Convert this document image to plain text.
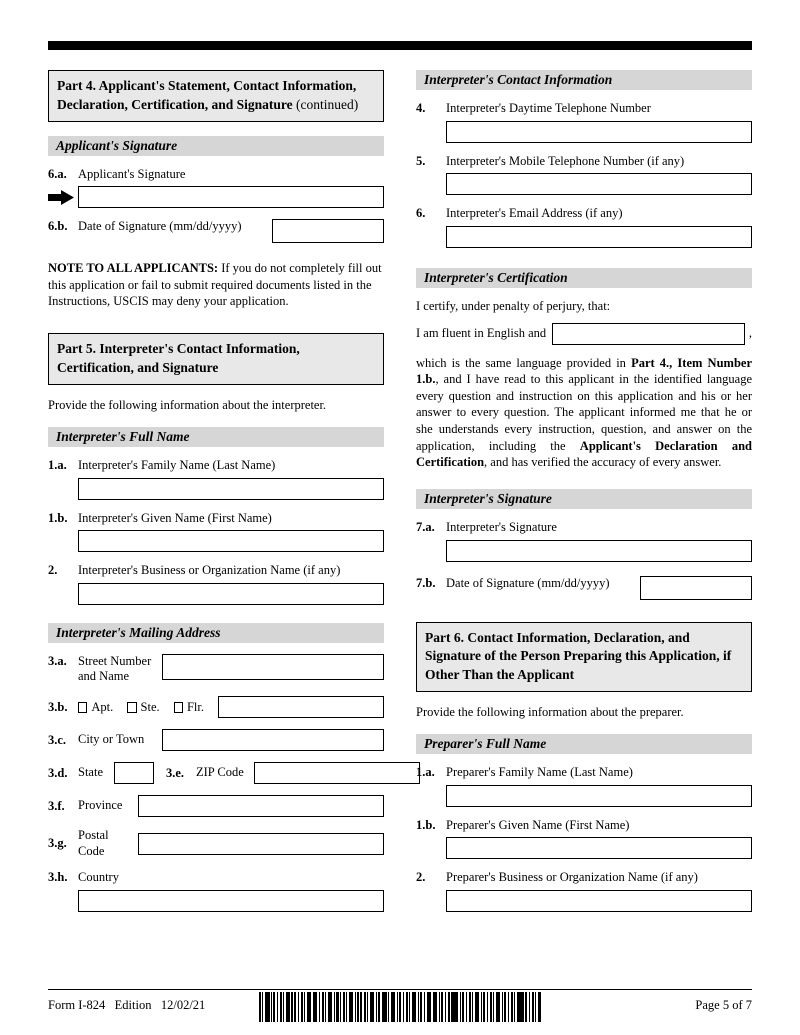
Part 4. Applicant's Statement, Contact Information, Declaration, Certification, and Signature (continued)
Applicant's Signature
6.a. Applicant's Signature
6.b. Date of Signature (mm/dd/yyyy)

NOTE TO ALL APPLICANTS: If you do not completely fill out this application or fail to submit required documents listed in the Instructions, USCIS may deny your application.

Part 5. Interpreter's Contact Information, Certification, and Signature

Provide the following information about the interpreter.

Interpreter's Full Name
1.a. Interpreter's Family Name (Last Name)
1.b. Interpreter's Given Name (First Name)
2.	Interpreter's Business or Organization Name (if any)
Interpreter's Mailing Address
3.a. Street Number and Name
3.b.	Apt. Ste. Flr.
3.c. City or Town
3.d. State	3.e. ZIP Code
3.f.	Province
3.g.
Postal Code
3.h. Country
Interpreter's Contact Information
4.	Interpreter's Daytime Telephone Number
5.	Interpreter's Mobile Telephone Number (if any)
6.	Interpreter's Email Address (if any)
Interpreter's Certification

I certify, under penalty of perjury, that:

I am fluent in English and	,

which is the same language provided in Part 4., Item Number 1.b., and I have read to this applicant in the identified language every question and instruction on this application and his or her answer to every question. The applicant informed me that he or she understands every instruction, question, and answer on the application, including the Applicant's Declaration and Certification, and has verified the accuracy of every answer.

Interpreter's Signature
7.a. Interpreter's Signature
7.b. Date of Signature (mm/dd/yyyy)
Part 6. Contact Information, Declaration, and Signature of the Person Preparing this Application, if Other Than the Applicant

Provide the following information about the preparer.

Preparer's Full Name
1.a. Preparer's Family Name (Last Name)
1.b. Preparer's Given Name (First Name)
2.	Preparer's Business or Organization Name (if any)
Form I-824   Edition   12/02/21	Page 5 of 7
